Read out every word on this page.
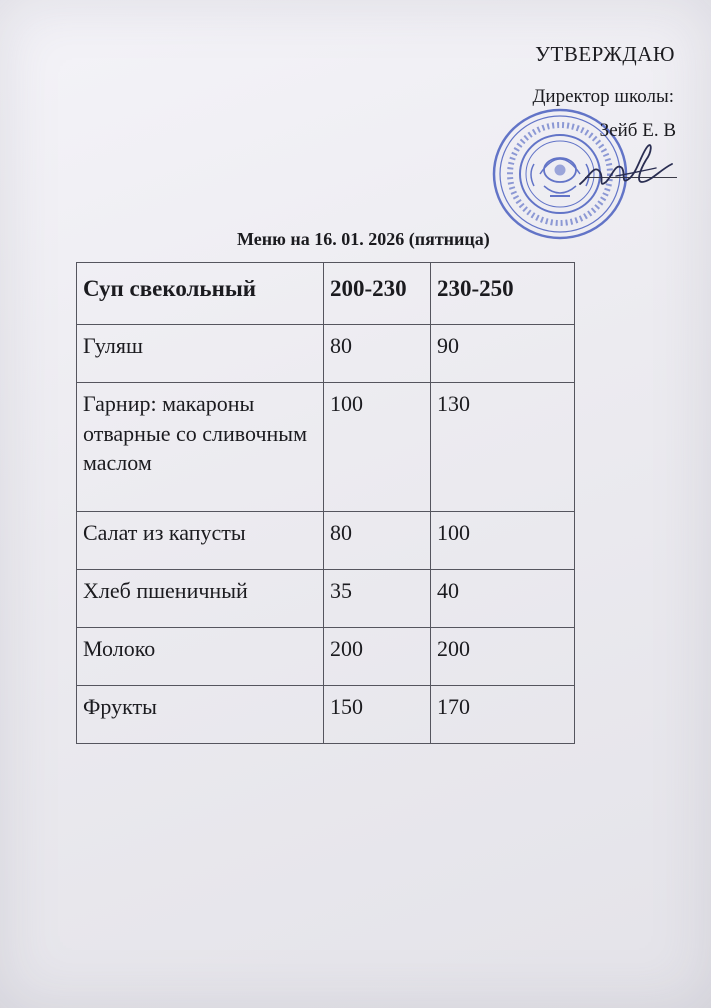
УТВЕРЖДАЮ
Директор школы:
Зейб Е. В
Меню на 16. 01. 2026 (пятница)
Суп свекольный	200-230	230-250
Гуляш	80	90
Гарнир: макароны отварные со сливочным маслом	100	130
Салат из капусты	80	100
Хлеб пшеничный	35	40
Молоко	200	200
Фрукты	150	170
